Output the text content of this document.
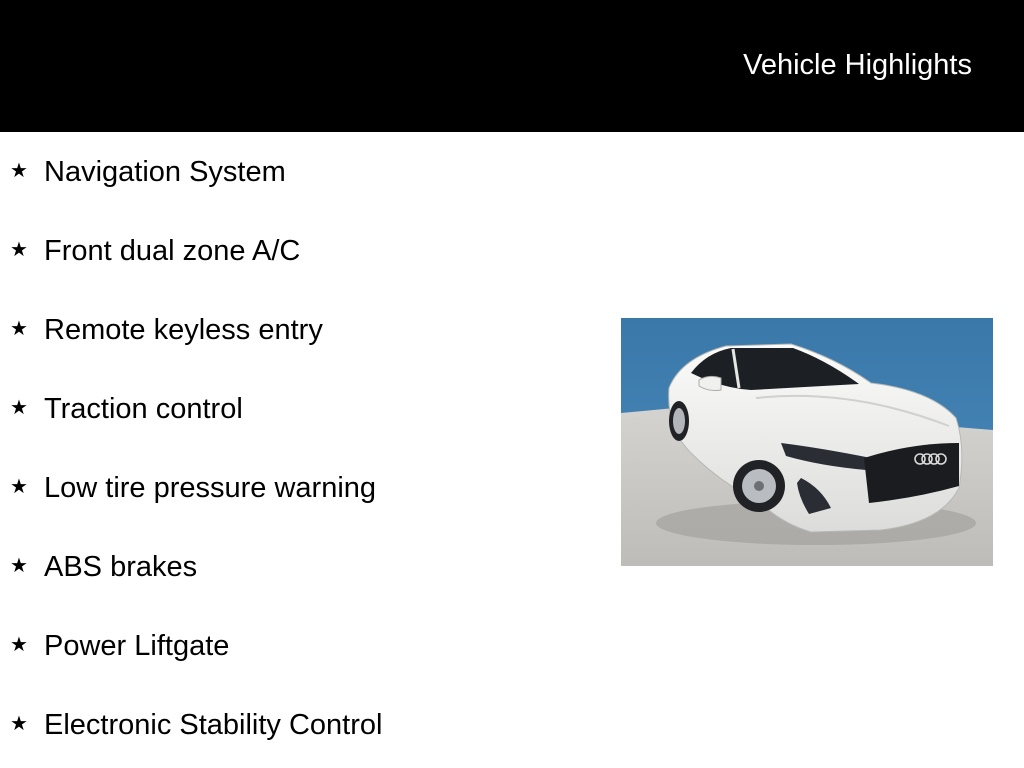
Vehicle Highlights
★ Navigation System
★ Front dual zone A/C
★ Remote keyless entry
★ Traction control
★ Low tire pressure warning
★ ABS brakes
★ Power Liftgate
★ Electronic Stability Control
